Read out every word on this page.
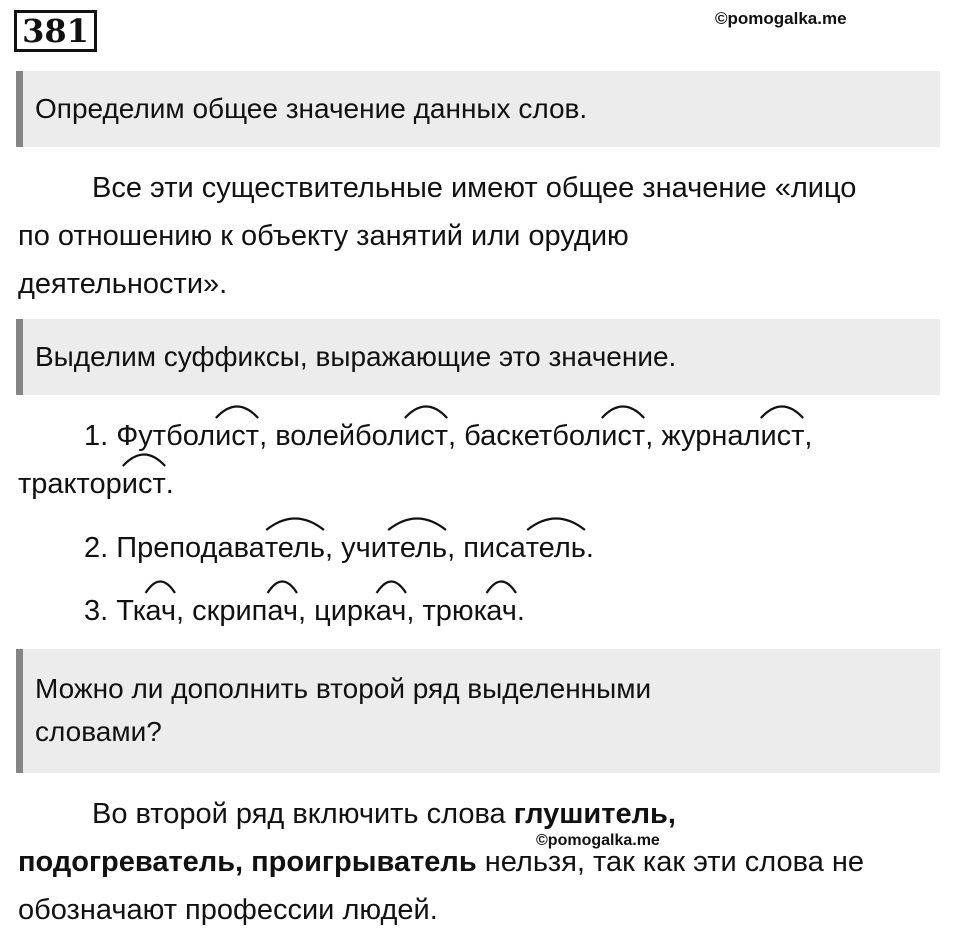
381	©pomogalka.me
Определим общее значение данных слов.
Все эти существительные имеют общее значение «лицо
по отношению к объекту занятий или орудию
деятельности».
Выделим суффиксы, выражающие это значение.
1. Футболист
, волейболист
, баскетболист
, журналист
,
тракторист
.
2. Преподаватель
, учитель
, писатель
.
3. Ткач
, скрипач
, циркач
, трюкач
.
Можно ли дополнить второй ряд выделенными
словами?
Во второй ряд включить слова глушитель,
подогреватель, проигрыватель нельзя, так как эти слова не
обозначают профессии людей.
©pomogalka.me
